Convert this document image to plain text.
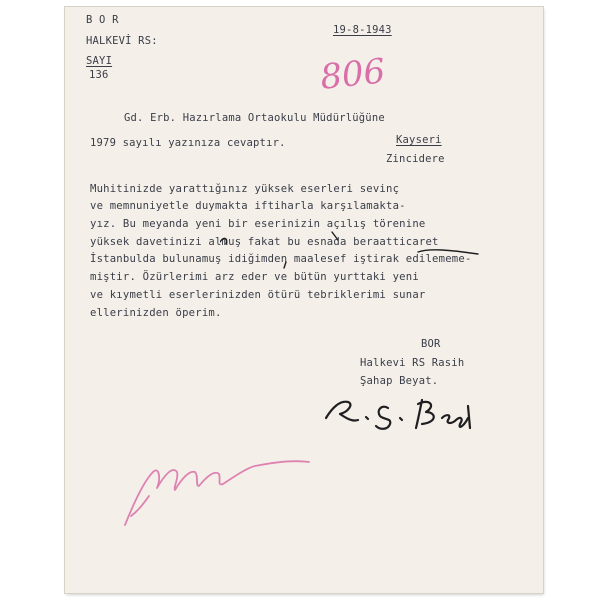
B O R
HALKEVİ RS:
SAYI
136
19-8-1943
806
Gd. Erb. Hazırlama Ortaokulu Müdürlüğüne
1979 sayılı yazınıza cevaptır.	Kayseri
Zincidere
Muhitinizde yarattığınız yüksek eserleri sevinç
ve memnuniyetle duymakta iftiharla karşılamakta-
yız. Bu meyanda yeni bir eserinizin açılış törenine
yüksek davetinizi almuş fakat bu esnada beraatticaret
İstanbulda bulunamuş idiğimden maalesef iştirak edilememe-
miştir. Özürlerimi arz eder ve bütün yurttaki yeni
ve kıymetli eserlerinizden ötürü tebriklerimi sunar
ellerinizden öperim.
BOR
Halkevi RS Rasih
Şahap Beyat.
